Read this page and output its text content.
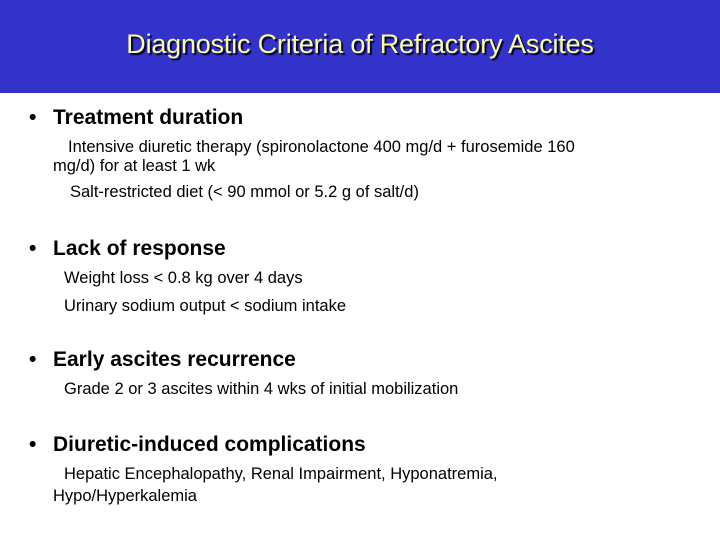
Diagnostic Criteria of Refractory Ascites
• Treatment duration
Intensive diuretic therapy (spironolactone 400 mg/d + furosemide 160
mg/d) for at least 1 wk
Salt-restricted diet (< 90 mmol or 5.2 g of salt/d)
• Lack of response
Weight loss < 0.8 kg over 4 days
Urinary sodium output < sodium intake
• Early ascites recurrence
Grade 2 or 3 ascites within 4 wks of initial mobilization
• Diuretic-induced complications
Hepatic Encephalopathy, Renal Impairment, Hyponatremia,
Hypo/Hyperkalemia
